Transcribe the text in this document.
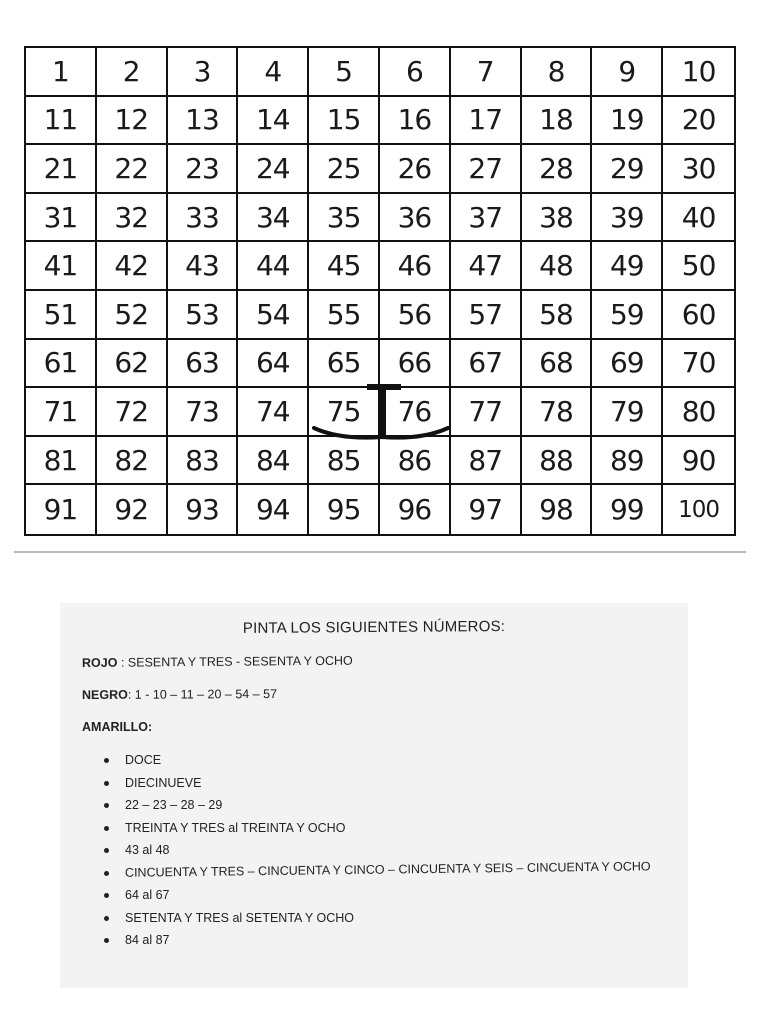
1	2	3	4	5	6	7	8	9	10
11	12	13	14	15	16	17	18	19	20
21	22	23	24	25	26	27	28	29	30
31	32	33	34	35	36	37	38	39	40
41	42	43	44	45	46	47	48	49	50
51	52	53	54	55	56	57	58	59	60
61	62	63	64	65	66	67	68	69	70
71	72	73	74	75	76	77	78	79	80
81	82	83	84	85	86	87	88	89	90
91	92	93	94	95	96	97	98	99	100
PINTA LOS SIGUIENTES NÚMEROS:
ROJO : SESENTA Y TRES - SESENTA Y OCHO
NEGRO: 1 - 10 – 11 – 20 – 54 – 57
AMARILLO:
DOCE
DIECINUEVE
22 – 23 – 28 – 29
TREINTA Y TRES al TREINTA Y OCHO
43 al 48
CINCUENTA Y TRES – CINCUENTA Y CINCO – CINCUENTA Y SEIS – CINCUENTA Y OCHO
64 al 67
SETENTA Y TRES al SETENTA Y OCHO
84 al 87
